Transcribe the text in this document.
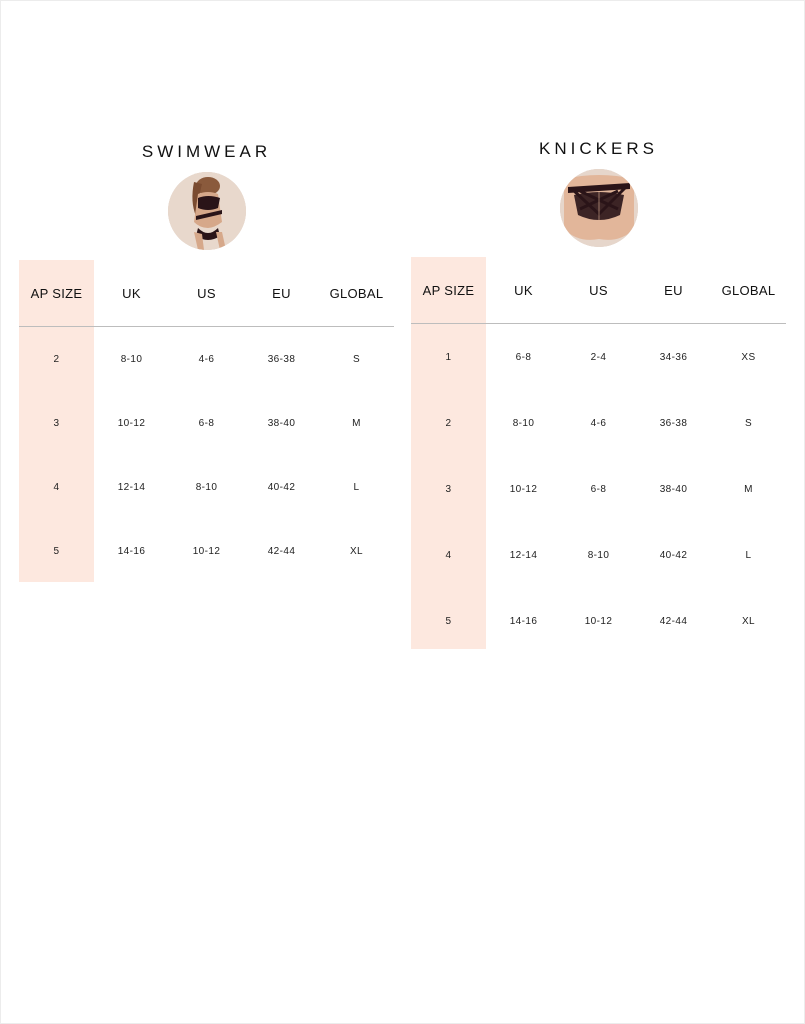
SWIMWEAR
AP SIZE	UK	US	EU	GLOBAL
2	8-10	4-6	36-38	S
3	10-12	6-8	38-40	M
4	12-14	8-10	40-42	L
5	14-16	10-12	42-44	XL
KNICKERS
AP SIZE	UK	US	EU	GLOBAL
1	6-8	2-4	34-36	XS
2	8-10	4-6	36-38	S
3	10-12	6-8	38-40	M
4	12-14	8-10	40-42	L
5	14-16	10-12	42-44	XL
